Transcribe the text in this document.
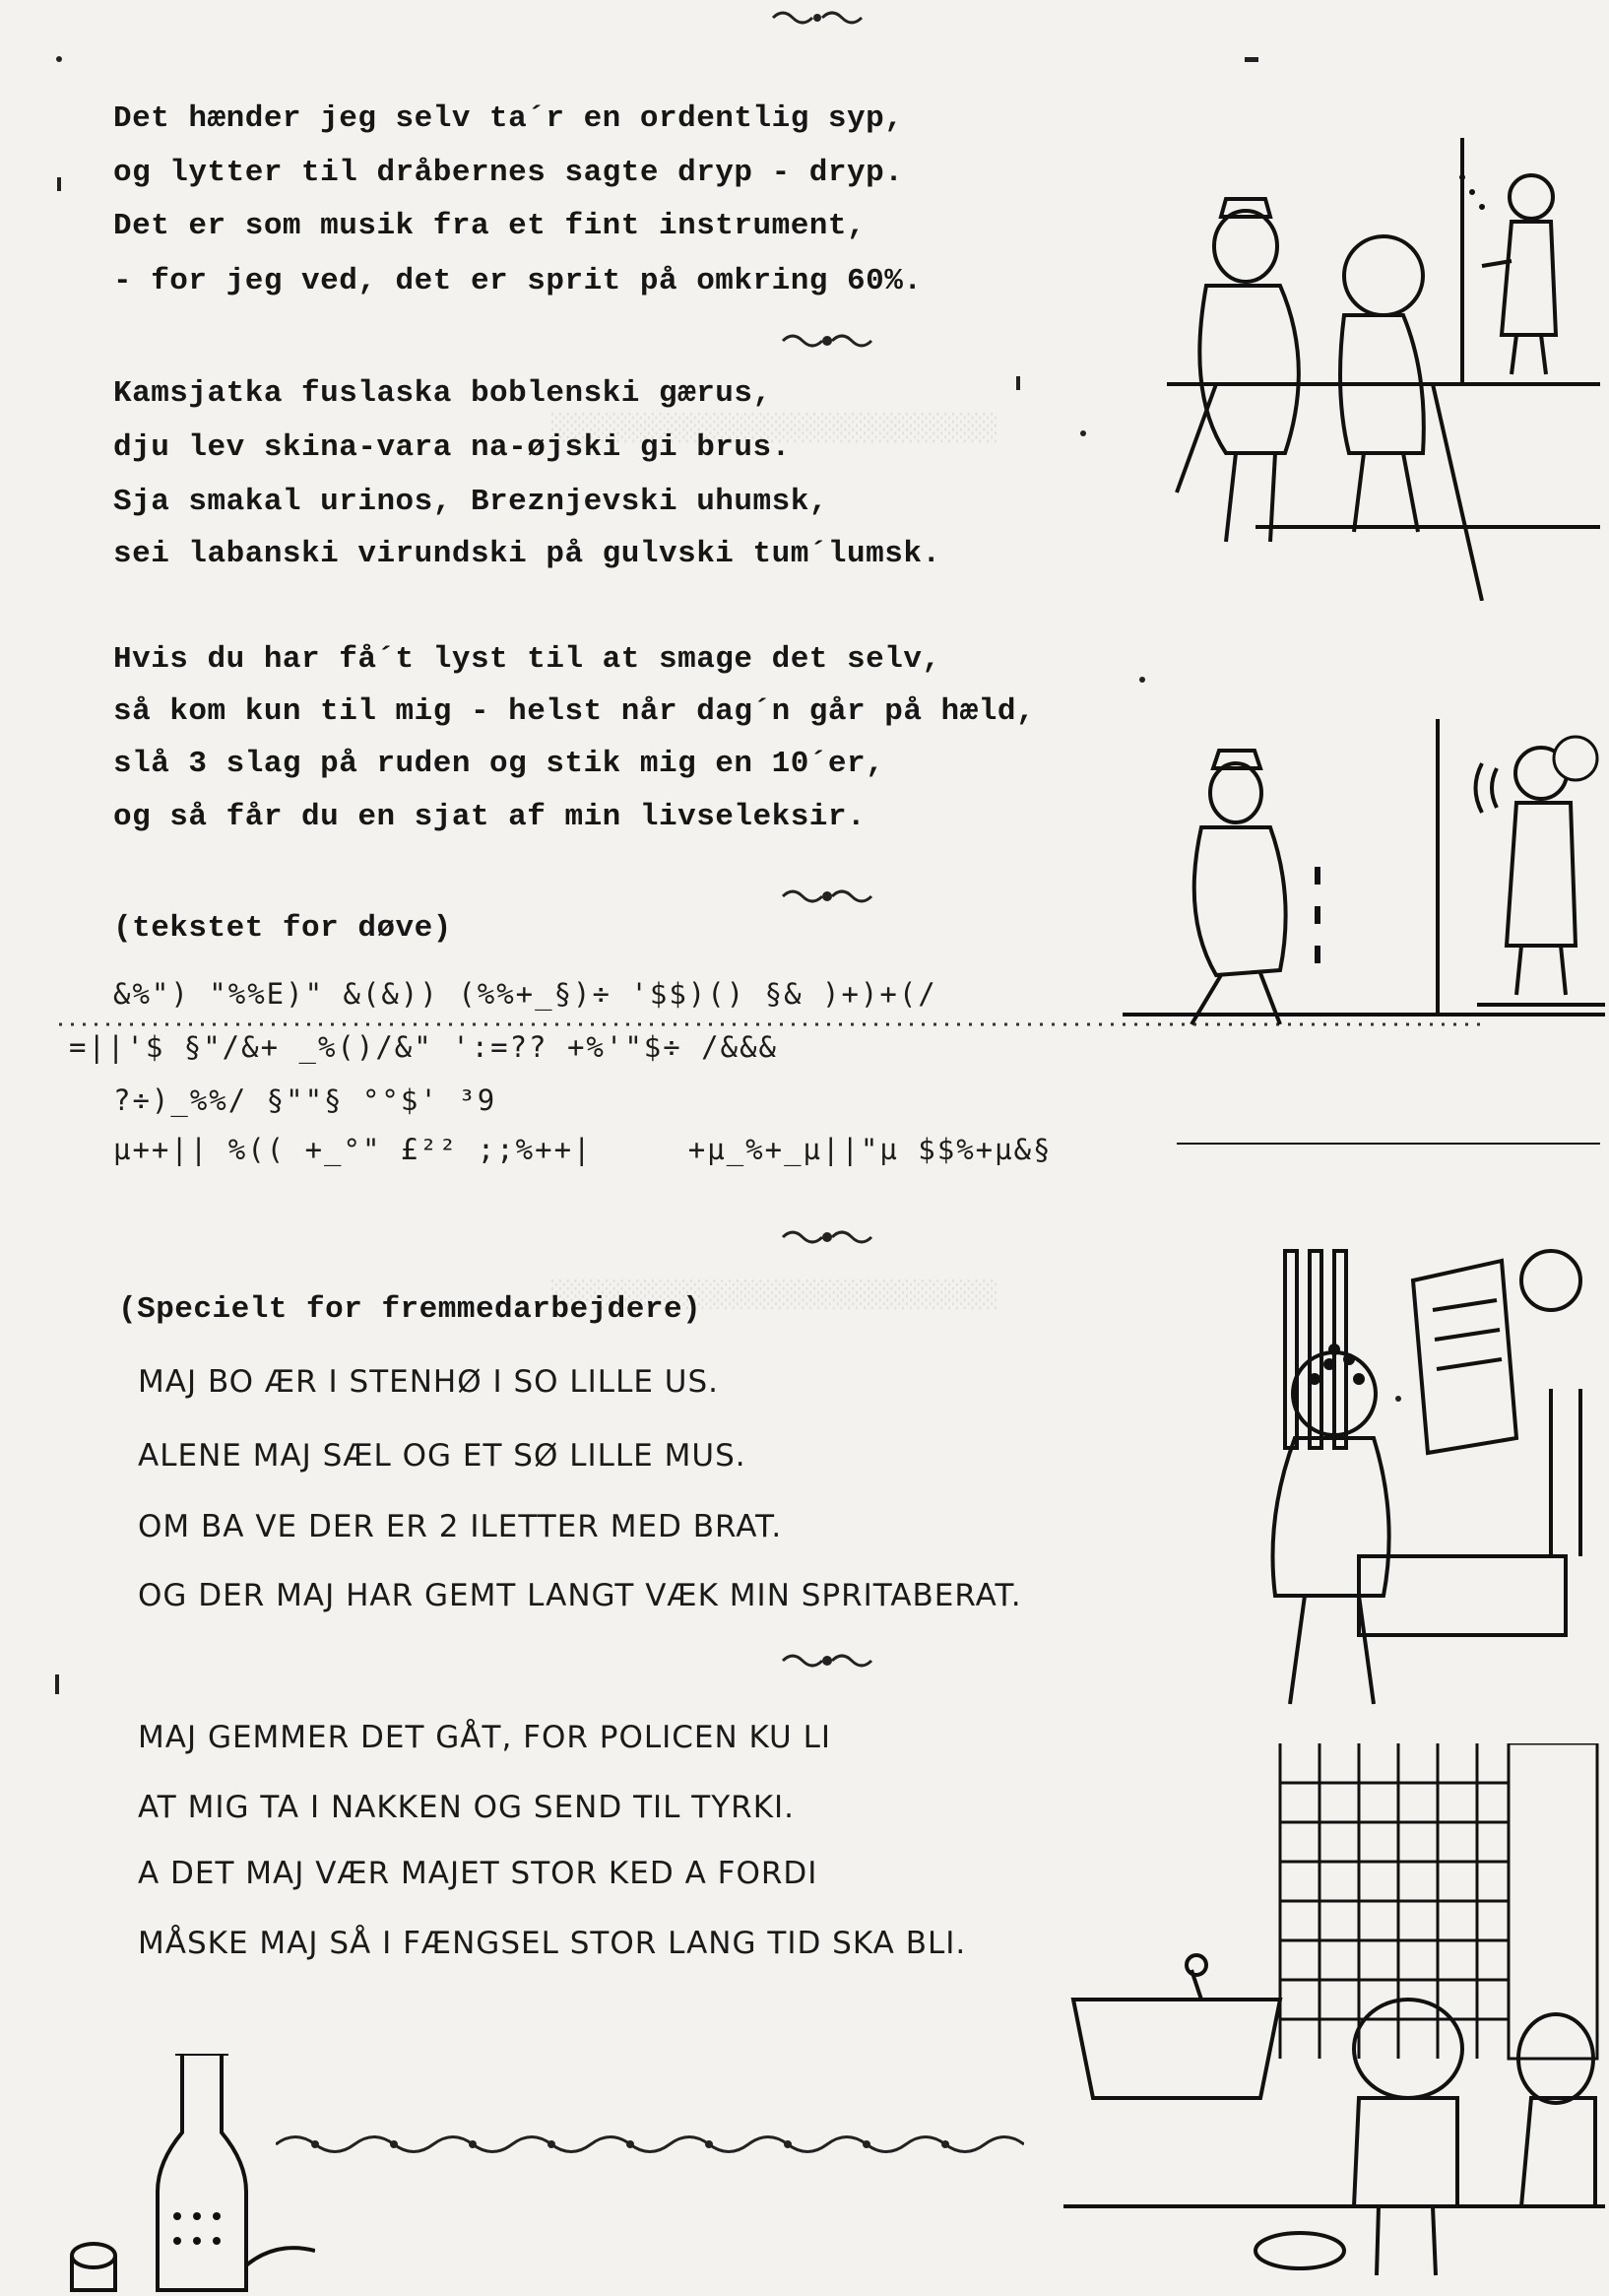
░░░░░░░░░░░░░░░░░░░░░░░░░░░░░
░░░░░░░░░░░░░░░░░░░░░░░░░░░░░
Det hænder jeg selv ta´r en ordentlig syp,
og lytter til dråbernes sagte dryp - dryp.
Det er som musik fra et fint instrument,
- for jeg ved, det er sprit på omkring 60%.
Kamsjatka fuslaska boblenski gærus,
dju lev skina-vara na-øjski gi brus.
Sja smakal urinos, Breznjevski uhumsk,
sei labanski virundski på gulvski tum´lumsk.
Hvis du har få´t lyst til at smage det selv,
så kom kun til mig - helst når dag´n går på hæld,
slå 3 slag på ruden og stik mig en 10´er,
og så får du en sjat af min livseleksir.
(tekstet for døve)
&%") "%%E)" &(&)) (%%+_§)÷ '$$)() §& )+)+(/
=||'$ §"/&+ _%()/&" ':=?? +%'"$÷ /&&&
?÷)_%%/ §""§ °°$' ³9
µ++|| %(( +_°" £²² ;;%++|     +µ_%+_µ||"µ $$%+µ&§
(Specielt for fremmedarbejdere)
MAJ BO ÆR I STENHØ I SO LILLE US.
ALENE MAJ SÆL OG ET SØ LILLE MUS.
OM BA VE DER ER 2 ILETTER MED BRAT.
OG DER MAJ HAR GEMT LANGT VÆK MIN SPRITABERAT.
MAJ GEMMER DET GÅT, FOR POLICEN KU LI
AT MIG TA I NAKKEN OG SEND TIL TYRKI.
A DET MAJ VÆR MAJET STOR KED A FORDI
MÅSKE MAJ SÅ I FÆNGSEL STOR LANG TID SKA BLI.
